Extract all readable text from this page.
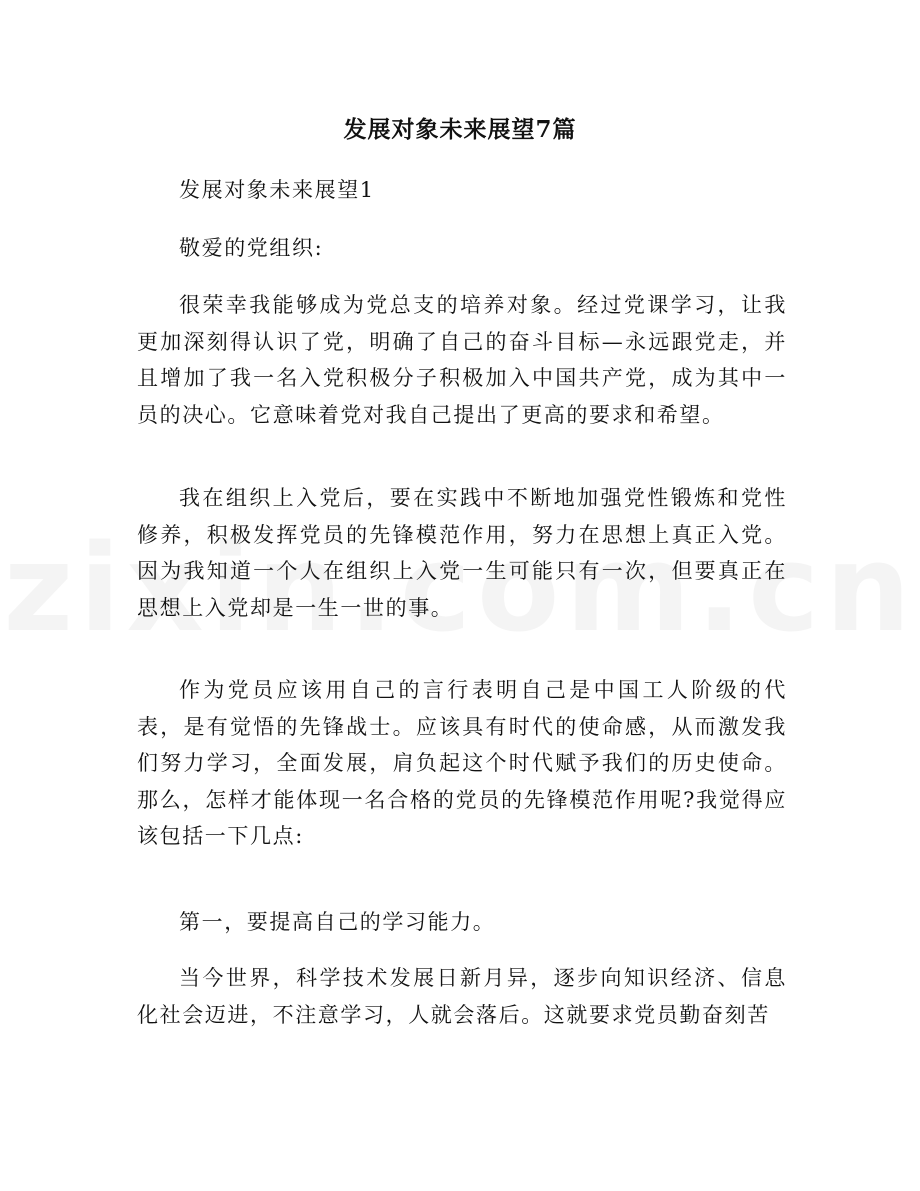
发展对象未来展望7篇

发展对象未来展望1

敬爱的党组织:

很荣幸我能够成为党总支的培养对象。经过党课学习，让我更加深刻得认识了党，明确了自己的奋斗目标—永远跟党走，并且增加了我一名入党积极分子积极加入中国共产党，成为其中一员的决心。它意味着党对我自己提出了更高的要求和希望。

我在组织上入党后，要在实践中不断地加强党性锻炼和党性修养，积极发挥党员的先锋模范作用，努力在思想上真正入党。因为我知道一个人在组织上入党一生可能只有一次，但要真正在思想上入党却是一生一世的事。

作为党员应该用自己的言行表明自己是中国工人阶级的代表，是有觉悟的先锋战士。应该具有时代的使命感，从而激发我们努力学习，全面发展，肩负起这个时代赋予我们的历史使命。那么，怎样才能体现一名合格的党员的先锋模范作用呢?我觉得应该包括一下几点:

第一，要提高自己的学习能力。

当今世界，科学技术发展日新月异，逐步向知识经济、信息化社会迈进，不注意学习，人就会落后。这就要求党员勤奋刻苦
